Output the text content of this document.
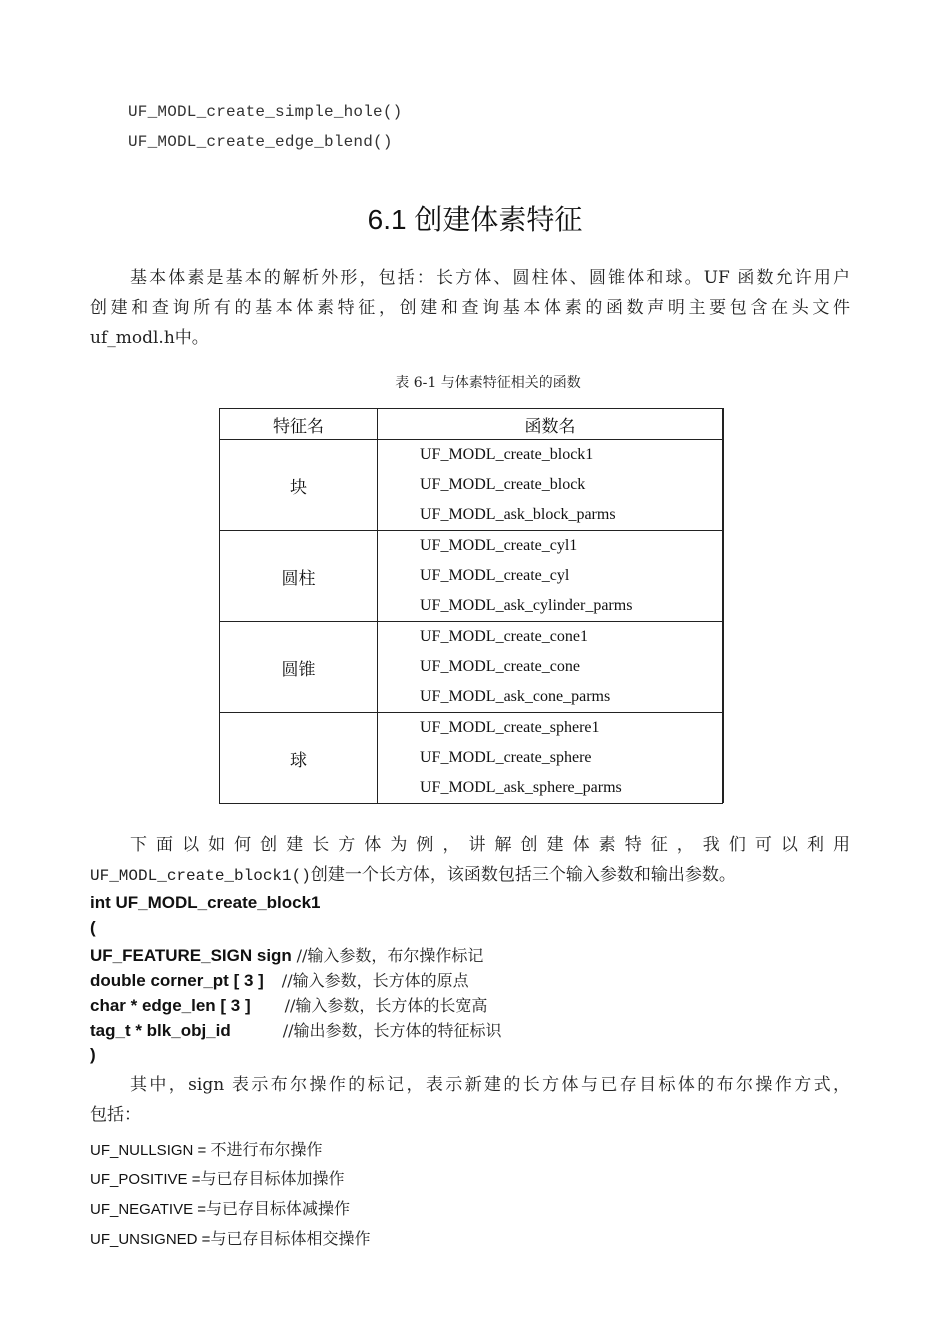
UF_MODL_create_simple_hole()
UF_MODL_create_edge_blend()
6.1 创建体素特征
基本体素是基本的解析外形，包括：长方体、圆柱体、圆锥体和球。UF 函数允许用户
创建和查询所有的基本体素特征，创建和查询基本体素的函数声明主要包含在头文件
uf_modl.h中。
表 6-1 与体素特征相关的函数
特征名	函数名
块	UF_MODL_create_block1
UF_MODL_create_block
UF_MODL_ask_block_parms

圆柱	UF_MODL_create_cyl1
UF_MODL_create_cyl
UF_MODL_ask_cylinder_parms

圆锥	UF_MODL_create_cone1
UF_MODL_create_cone
UF_MODL_ask_cone_parms

球	UF_MODL_create_sphere1
UF_MODL_create_sphere
UF_MODL_ask_sphere_parms
下 面 以 如 何 创 建 长 方 体 为 例 ， 讲 解 创 建 体 素 特 征 ， 我 们 可 以 利 用
UF_MODL_create_block1()创建一个长方体，该函数包括三个输入参数和输出参数。
int UF_MODL_create_block1
(
UF_FEATURE_SIGN sign //输入参数，布尔操作标记
double corner_pt [ 3 ] //输入参数，长方体的原点
char * edge_len [ 3 ] //输入参数，长方体的长宽高
tag_t * blk_obj_id	//输出参数，长方体的特征标识
)
其中，sign 表示布尔操作的标记，表示新建的长方体与已存目标体的布尔操作方式，
包括：
UF_NULLSIGN = 不进行布尔操作
UF_POSITIVE =与已存目标体加操作
UF_NEGATIVE =与已存目标体减操作
UF_UNSIGNED =与已存目标体相交操作
